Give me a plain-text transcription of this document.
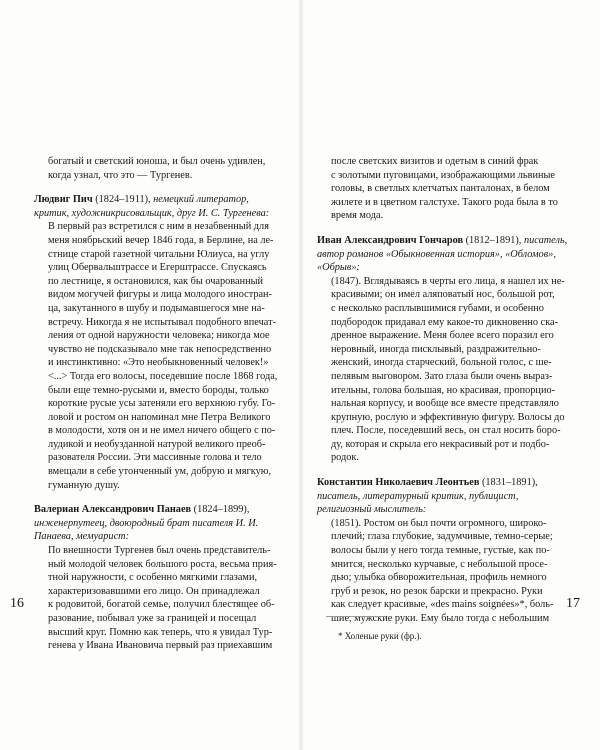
богатый и светский юноша, и был очень удивлен,
когда узнал, что это — Тургенев.

Людвиг Пич (1824–1911), немецкий литератор, критик, художникрисовальщик, друг И. С. Тургенева:

В первый раз встретился с ним в незабвенный для
меня ноябрьский вечер 1846 года, в Берлине, на ле-
стнице старой газетной читальни Юлиуса, на углу
улиц Обервальштрассе и Егерштрассе. Спускаясь
по лестнице, я остановился, как бы очарованный
видом могучей фигуры и лица молодого иностран-
ца, закутанного в шубу и подымавшегося мне на-
встречу. Никогда я не испытывал подобного впечат-
ления от одной наружности человека; никогда мое
чувство не подсказывало мне так непосредственно
и инстинктивно: «Это необыкновенный человек!»
<...> Тогда его волосы, поседевшие после 1868 года,
были еще темно-русыми и, вместо бороды, только
короткие русые усы затеняли его верхнюю губу. Го-
ловой и ростом он напоминал мне Петра Великого
в молодости, хотя он и не имел ничего общего с по-
лудикой и необузданной натурой великого преоб-
разователя России. Эти массивные голова и тело
вмещали в себе утонченный ум, добрую и мягкую,
гуманную душу.

Валериан Александрович Панаев (1824–1899), инженерпутеец, двоюродный брат писателя И. И. Панаева, мемуарист:

По внешности Тургенев был очень представитель-
ный молодой человек большого роста, весьма прия-
тной наружности, с особенно мягкими глазами,
характеризовавшими его лицо. Он принадлежал
к родовитой, богатой семье, получил блестящее об-
разование, побывал уже за границей и посещал
высший круг. Помню как теперь, что я увидал Тур-
генева у Ивана Ивановича первый раз приехавшим

16

после светских визитов и одетым в синий фрак
с золотыми пуговицами, изображающими львиные
головы, в светлых клетчатых панталонах, в белом
жилете и в цветном галстухе. Такого рода была в то
время мода.

Иван Александрович Гончаров (1812–1891), писатель, автор романов «Обыкновенная история», «Обломов», «Обрыв»:

(1847). Вглядываясь в черты его лица, я нашел их не-
красивыми; он имел аляповатый нос, большой рот,
с несколько расплывшимися губами, и особенно
подбородок придавал ему какое-то дикновенно ска-
дренное выражение. Меня более всего поразил его
неровный, иногда писклывый, раздражительно-
женский, иногда старческий, больной голос, с ше-
пелявым выговором. Зато глаза были очень выраз-
ительны, голова большая, но красивая, пропорцио-
нальная корпусу, и вообще все вместе представляло
крупную, рослую и эффективную фигуру. Волосы до
плеч. После, поседевший весь, он стал носить боро-
ду, которая и скрыла его некрасивый рот и подбо-
родок.

Константин Николаевич Леонтьев (1831–1891), писатель, литературный критик, публицист, религиозный мыслитель:

(1851). Ростом он был почти огромного, широко-
плечий; глаза глубокие, задумчивые, темно-серые;
волосы были у него тогда темные, густые, как по-
мнится, несколько курчавые, с небольшой просе-
дью; улыбка обворожительная, профиль немного
груб и резок, но резок барски и прекрасно. Руки
как следует красивые, «des mains soignées»*, боль-
шие, мужские руки. Ему было тогда с небольшим

* Холеные руки (фр.).
17
